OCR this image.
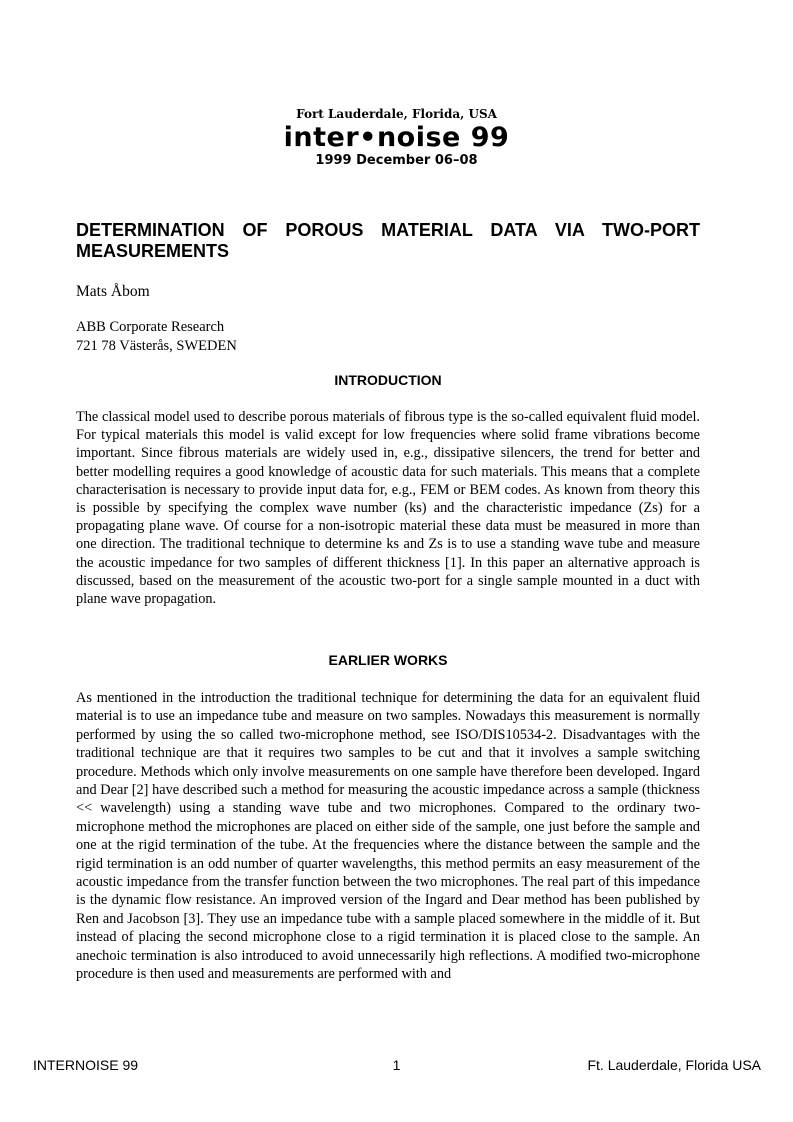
Fort Lauderdale, Florida, USA
inter•noise 99
1999 December 06–08
DETERMINATION OF POROUS MATERIAL DATA VIA TWO-PORT MEASUREMENTS
Mats Åbom
ABB Corporate Research
721 78 Västerås, SWEDEN
INTRODUCTION

The classical model used to describe porous materials of fibrous type is the so-called equivalent fluid model. For typical materials this model is valid except for low frequencies where solid frame vibrations become important. Since fibrous materials are widely used in, e.g., dissipative silencers, the trend for better and better modelling requires a good knowledge of acoustic data for such materials. This means that a complete characterisation is necessary to provide input data for, e.g., FEM or BEM codes. As known from theory this is possible by specifying the complex wave number (ks) and the characteristic impedance (Zs) for a propagating plane wave. Of course for a non-isotropic material these data must be measured in more than one direction. The traditional technique to determine ks and Zs is to use a standing wave tube and measure the acoustic impedance for two samples of different thickness [1]. In this paper an alternative approach is discussed, based on the measurement of the acoustic two-port for a single sample mounted in a duct with plane wave propagation.

EARLIER WORKS

As mentioned in the introduction the traditional technique for determining the data for an equivalent fluid material is to use an impedance tube and measure on two samples. Nowadays this measurement is normally performed by using the so called two-microphone method, see ISO/DIS10534-2. Disadvantages with the traditional technique are that it requires two samples to be cut and that it involves a sample switching procedure. Methods which only involve measurements on one sample have therefore been developed. Ingard and Dear [2] have described such a method for measuring the acoustic impedance across a sample (thickness << wavelength) using a standing wave tube and two microphones. Compared to the ordinary two-microphone method the microphones are placed on either side of the sample, one just before the sample and one at the rigid termination of the tube. At the frequencies where the distance between the sample and the rigid termination is an odd number of quarter wavelengths, this method permits an easy measurement of the acoustic impedance from the transfer function between the two microphones. The real part of this impedance is the dynamic flow resistance. An improved version of the Ingard and Dear method has been published by Ren and Jacobson [3]. They use an impedance tube with a sample placed somewhere in the middle of it. But instead of placing the second microphone close to a rigid termination it is placed close to the sample. An anechoic termination is also introduced to avoid unnecessarily high reflections. A modified two-microphone procedure is then used and measurements are performed with and

INTERNOISE 99	1	Ft. Lauderdale, Florida USA
